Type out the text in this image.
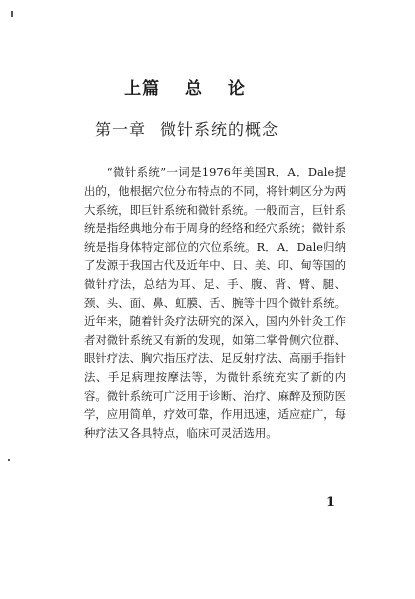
上篇 总 论
第一章 微针系统的概念

“微针系统”一词是1976年美国R．A．Dale提出的，他根据穴位分布特点的不同，将针刺区分为两大系统，即巨针系统和微针系统。一般而言，巨针系统是指经典地分布于周身的经络和经穴系统；微针系统是指身体特定部位的穴位系统。R．A．Dale归纳了发源于我国古代及近年中、日、美、印、甸等国的微针疗法，总结为耳、足、手、腹、背、臂、腿、颈、头、面、鼻、虹膜、舌、腕等十四个微针系统。近年来，随着针灸疗法研究的深入，国内外针灸工作者对微针系统又有新的发现，如第二掌骨侧穴位群、眼针疗法、胸穴指压疗法、足反射疗法、高丽手指针法、手足病理按摩法等，为微针系统充实了新的内容。微针系统可广泛用于诊断、治疗、麻醉及预防医学，应用简单，疗效可靠，作用迅速，适应症广，每种疗法又各具特点，临床可灵活选用。

1
